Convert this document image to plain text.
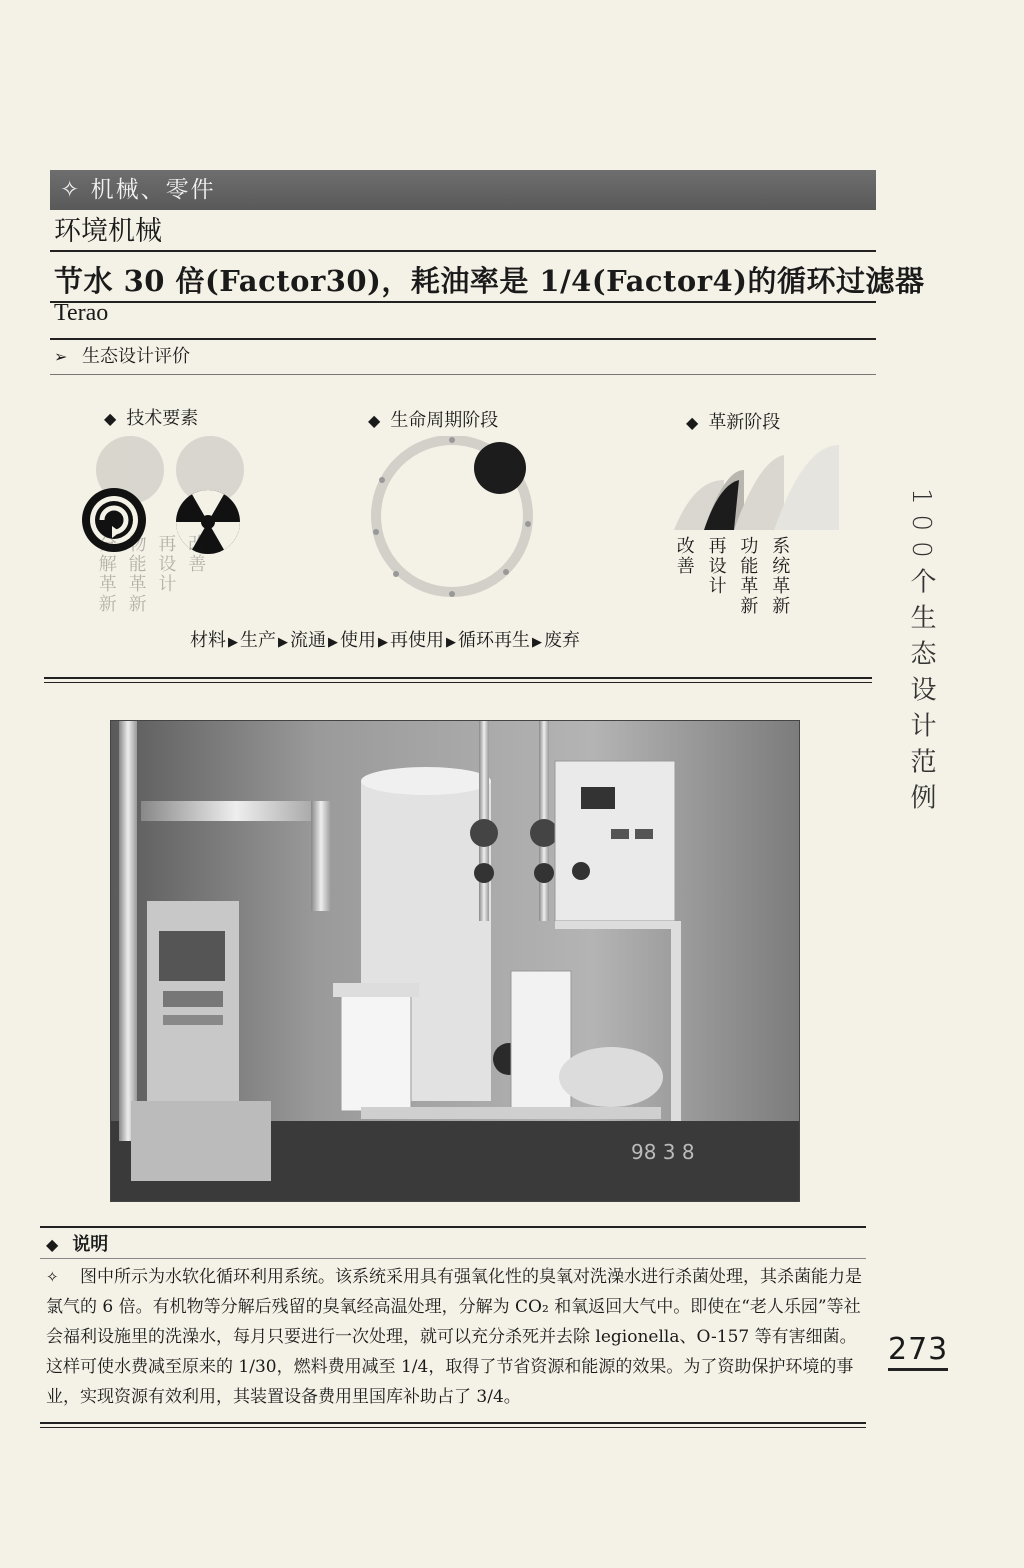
✧ 机械、零件
环境机械
节水 30 倍(Factor30)，耗油率是 1/4(Factor4)的循环过滤器
Terao
➢ 生态设计评价
◆ 技术要素	◆ 生命周期阶段	◆ 革新阶段
分解革新 物能革新 再设计 改善	改善 再设计 功能革新 系统革新
材料 ▶ 生产 ▶ 流通 ▶ 使用 ▶ 再使用 ▶ 循环再生 ▶ 废弃
98 3 8
◆ 说明
✧ 图中所示为水软化循环利用系统。该系统采用具有强氧化性的臭氧对洗澡水进行杀菌处理，其杀菌能力是氯气的 6 倍。有机物等分解后残留的臭氧经高温处理，分解为 CO₂ 和氧返回大气中。即使在“老人乐园”等社会福利设施里的洗澡水，每月只要进行一次处理，就可以充分杀死并去除 legionella、O-157 等有害细菌。这样可使水费减至原来的 1/30，燃料费用减至 1/4，取得了节省资源和能源的效果。为了资助保护环境的事业，实现资源有效利用，其装置设备费用里国库补助占了 3/4。
100个生态设计范例
273
